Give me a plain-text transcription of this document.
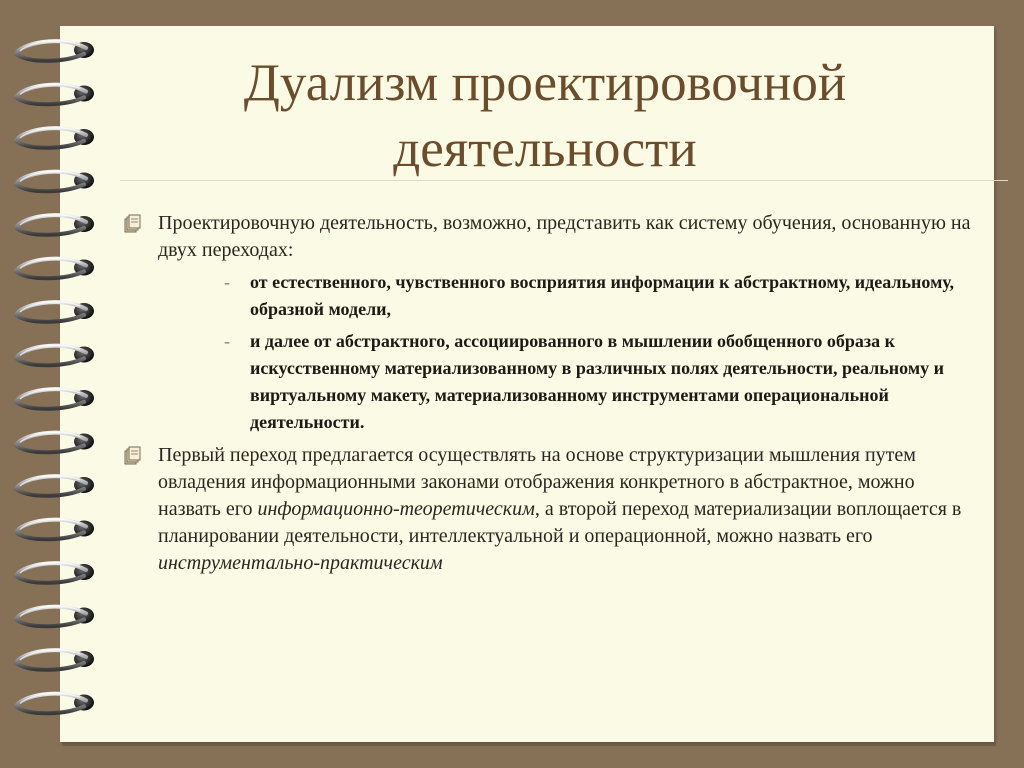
Дуализм проектировочной
деятельности
Проектировочную деятельность, возможно, представить как систему обучения, основанную на двух переходах:
- от естественного, чувственного восприятия информации к абстрактному, идеальному, образной модели,
- и далее от абстрактного, ассоциированного в мышлении обобщенного образа к искусственному материализованному в различных полях деятельности, реальному и виртуальному макету, материализованному инструментами операциональной деятельности.
Первый переход предлагается осуществлять на основе структуризации мышления путем овладения информационными законами отображения конкретного в абстрактное, можно назвать его информационно-теоретическим, а второй переход материализации воплощается в планировании деятельности, интеллектуальной и операционной, можно назвать его инструментально-практическим
